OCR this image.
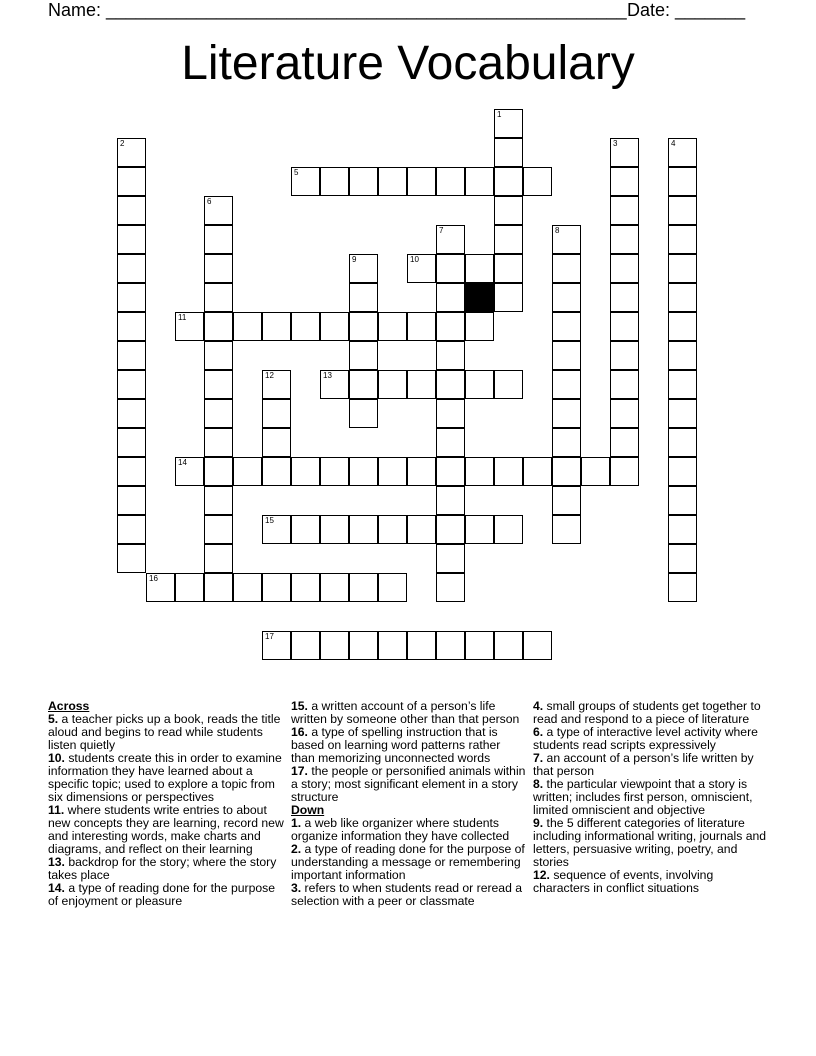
Name: ____________________________________________________ Date: _______
Literature Vocabulary
1
2	3	4
5
6
7	8
9	10
11
12	13
14
15
16
17
Across
5. a teacher picks up a book, reads the title aloud and begins to read while students listen quietly
10. students create this in order to examine information they have learned about a specific topic; used to explore a topic from six dimensions or perspectives
11. where students write entries to about new concepts they are learning, record new and interesting words, make charts and diagrams, and reflect on their learning
13. backdrop for the story; where the story takes place
14. a type of reading done for the purpose of enjoyment or pleasure
15. a written account of a person’s life written by someone other than that person
16. a type of spelling instruction that is based on learning word patterns rather than memorizing unconnected words
17. the people or personified animals within a story; most significant element in a story structure
Down
1. a web like organizer where students organize information they have collected
2. a type of reading done for the purpose of understanding a message or remembering important information
3. refers to when students read or reread a selection with a peer or classmate
4. small groups of students get together to read and respond to a piece of literature
6. a type of interactive level activity where students read scripts expressively
7. an account of a person’s life written by that person
8. the particular viewpoint that a story is written; includes first person, omniscient, limited omniscient and objective
9. the 5 different categories of literature including informational writing, journals and letters, persuasive writing, poetry, and stories
12. sequence of events, involving characters in conflict situations
